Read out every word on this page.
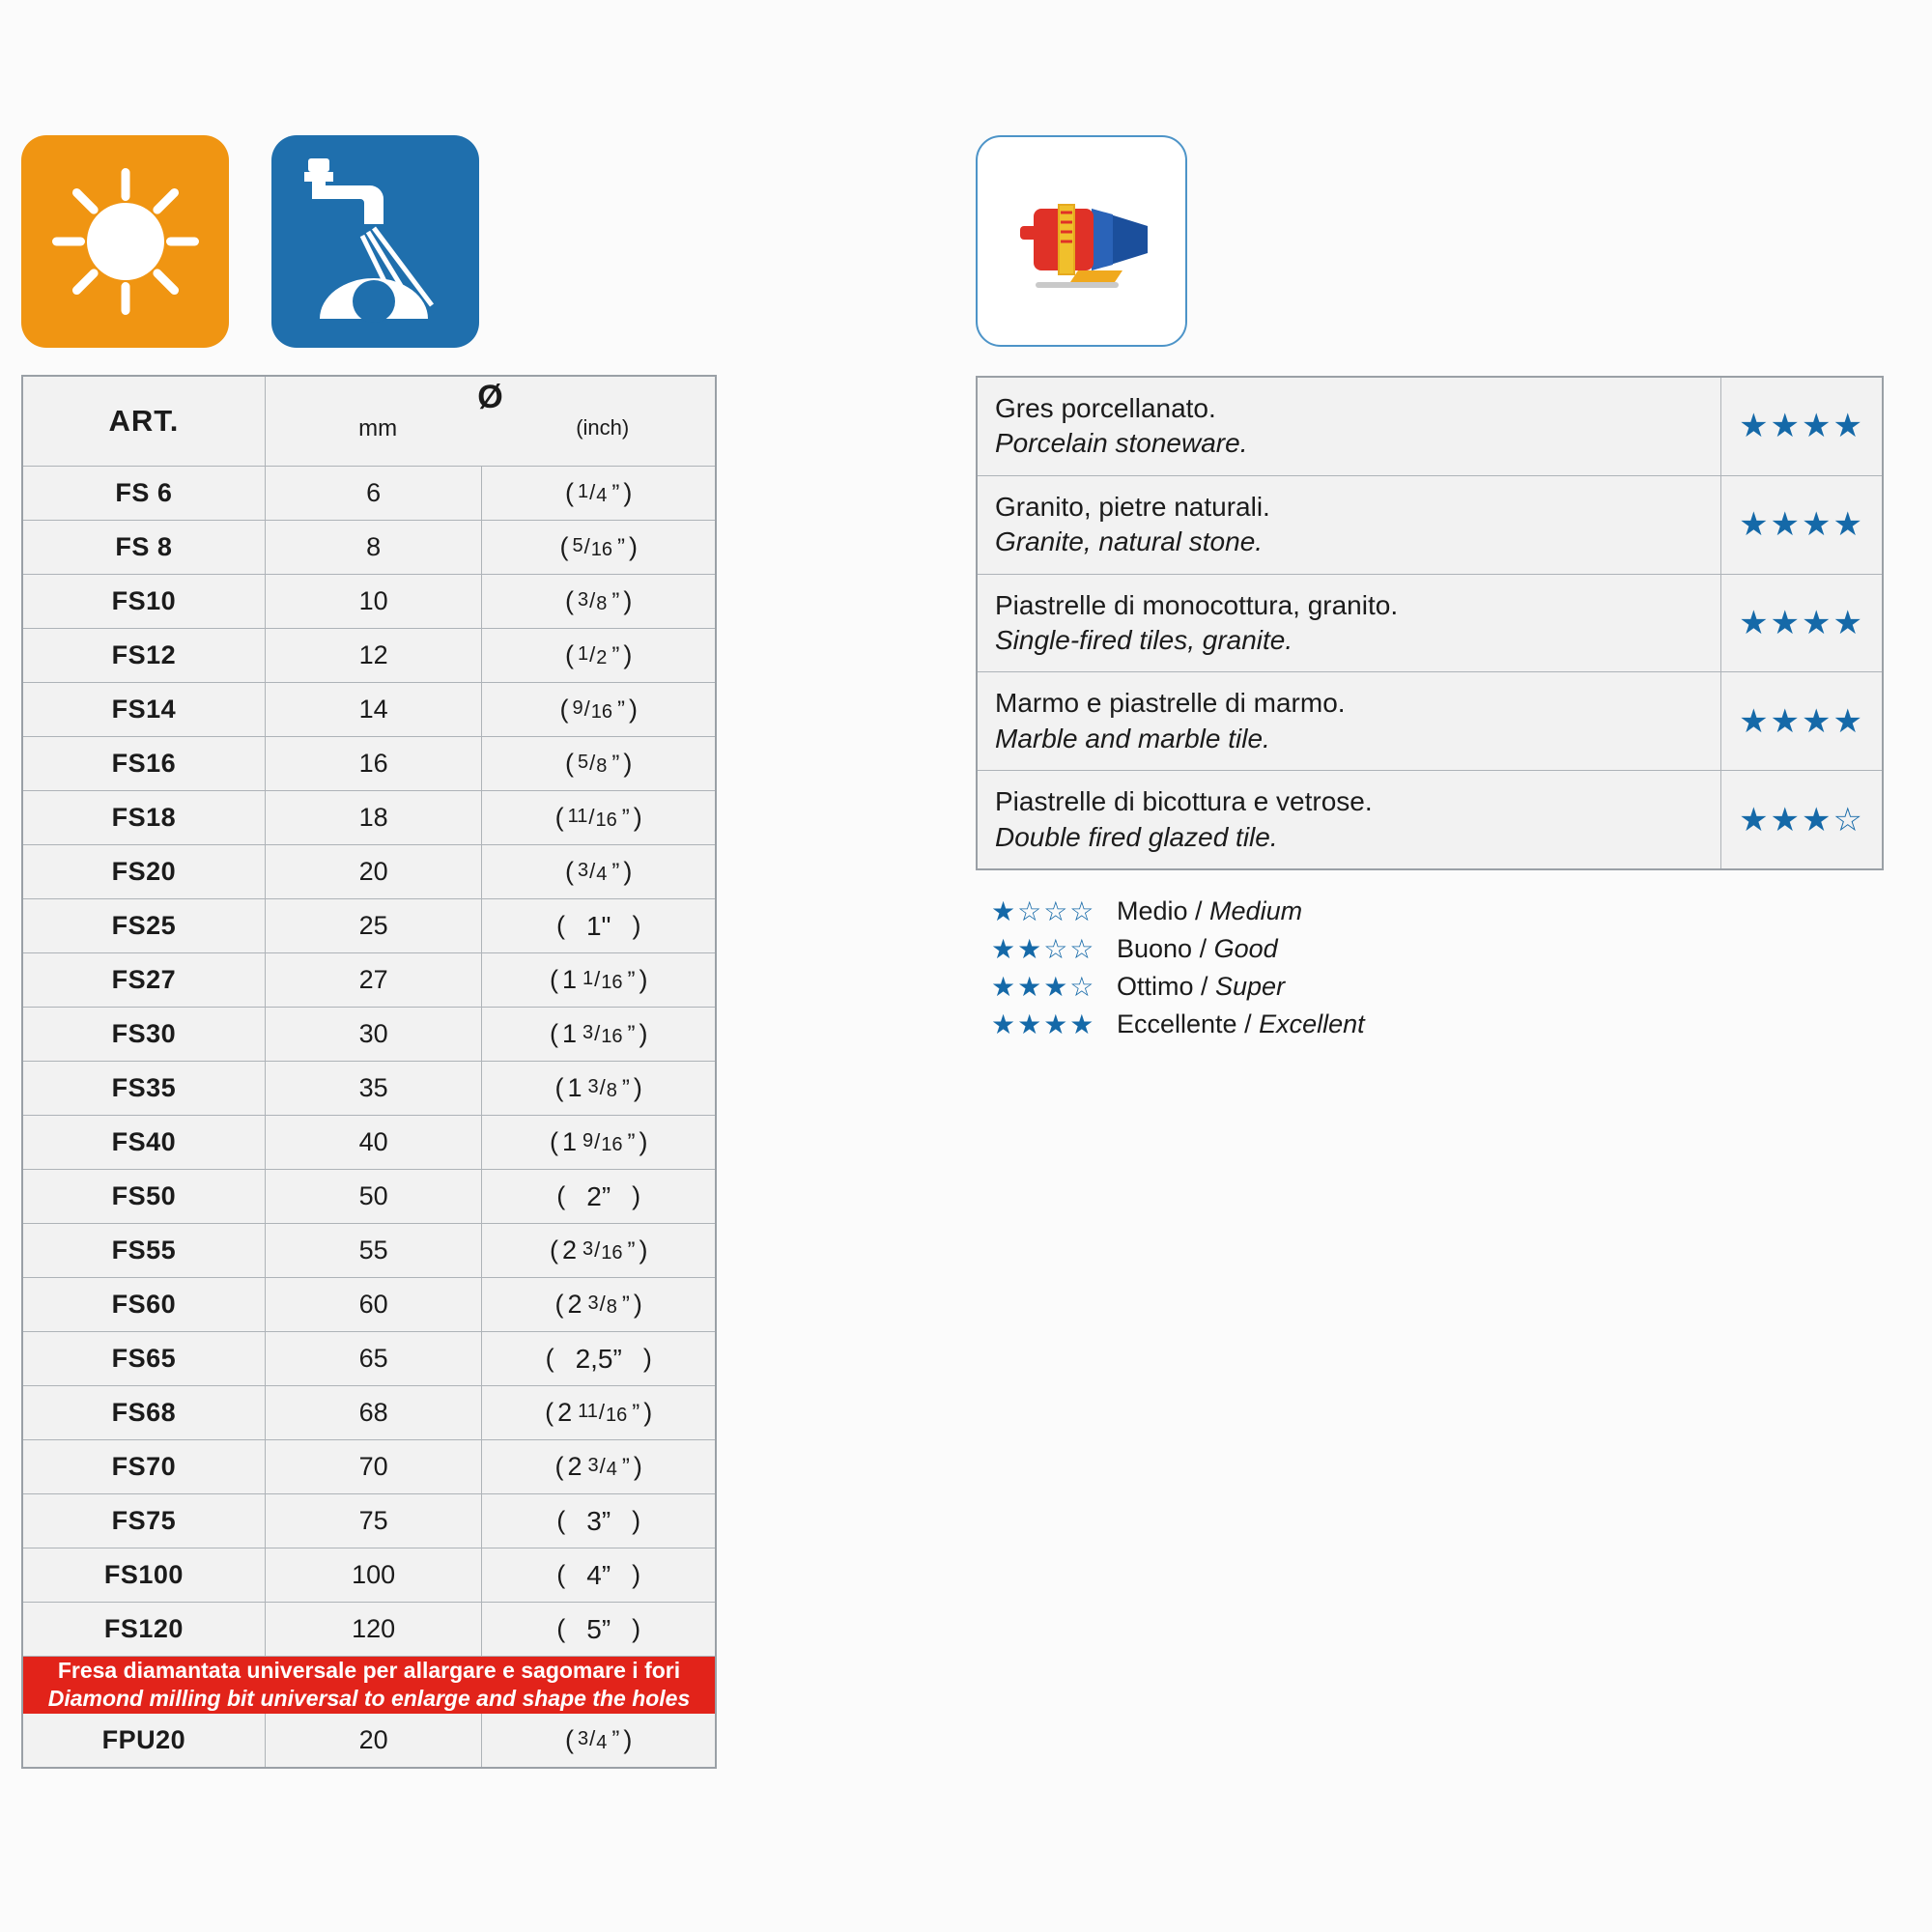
ART.	Ø
mm (inch)	

FS 6	6	( 1 / 4 ” )

FS 8	8	( 5 / 16 ” )

FS10	10	( 3 / 8 ” )

FS12	12	( 1 / 2 ” )

FS14	14	( 9 / 16 ” )

FS16	16	( 5 / 8 ” )

FS18	18	( 11 / 16 ” )

FS20	20	( 3 / 4 ” )

FS25	25	( 1" )

FS27	27	( 1 1 / 16 ” )

FS30	30	( 1 3 / 16 ” )

FS35	35	( 1 3 / 8 ” )

FS40	40	( 1 9 / 16 ” )

FS50	50	( 2” )

FS55	55	( 2 3 / 16 ” )

FS60	60	( 2 3 / 8 ” )

FS65	65	( 2,5” )

FS68	68	( 2 11 / 16 ” )

FS70	70	( 2 3 / 4 ” )

FS75	75	( 3” )

FS100	100	( 4” )

FS120	120	( 5” )

Fresa diamantata universale per allargare e sagomare i fori
Diamond milling bit universal to enlarge and shape the holes		

FPU20	20	( 3 / 4 ” )
Gres porcellanato.
Porcelain stoneware.	★★★★

Granito, pietre naturali.
Granite, natural stone.	★★★★

Piastrelle di monocottura, granito.
Single-fired tiles, granite.	★★★★

Marmo e piastrelle di marmo.
Marble and marble tile.	★★★★

Piastrelle di bicottura e vetrose.
Double fired glazed tile.	★★★☆
★☆☆☆ Medio / Medium
★★☆☆ Buono / Good
★★★☆ Ottimo / Super
★★★★ Eccellente / Excellent
